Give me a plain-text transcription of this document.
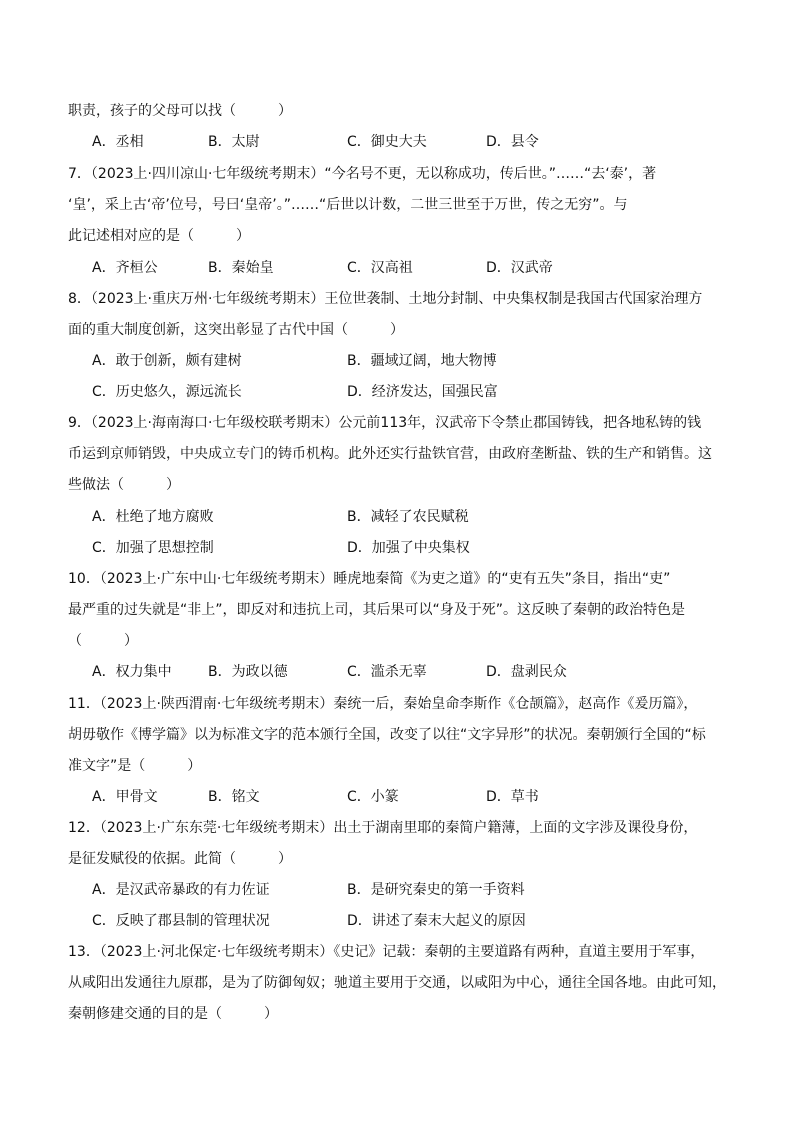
职责，孩子的父母可以找（　　　）
A．丞相	B．太尉	C．御史大夫	D．县令
7．（2023上·四川凉山·七年级统考期末）“今名号不更，无以称成功，传后世。”……“去‘泰’，著
‘皇’，采上古‘帝’位号，号曰‘皇帝’。”……“后世以计数，二世三世至于万世，传之无穷”。与
此记述相对应的是（　　　）
A．齐桓公	B．秦始皇	C．汉高祖	D．汉武帝
8．（2023上·重庆万州·七年级统考期末）王位世袭制、土地分封制、中央集权制是我国古代国家治理方
面的重大制度创新，这突出彰显了古代中国（　　　）
A．敢于创新，颇有建树	B．疆域辽阔，地大物博
C．历史悠久，源远流长	D．经济发达，国强民富
9．（2023上·海南海口·七年级校联考期末）公元前113年，汉武帝下令禁止郡国铸钱，把各地私铸的钱
币运到京师销毁，中央成立专门的铸币机构。此外还实行盐铁官营，由政府垄断盐、铁的生产和销售。这
些做法（　　　）
A．杜绝了地方腐败	B．减轻了农民赋税
C．加强了思想控制	D．加强了中央集权
10．（2023上·广东中山·七年级统考期末）睡虎地秦简《为吏之道》的“吏有五失”条目，指出“吏”
最严重的过失就是“非上”，即反对和违抗上司，其后果可以“身及于死”。这反映了秦朝的政治特色是
（　　　）
A．权力集中	B．为政以德	C．滥杀无辜	D．盘剥民众
11．（2023上·陕西渭南·七年级统考期末）秦统一后，秦始皇命李斯作《仓颉篇》，赵高作《爰历篇》，
胡毋敬作《博学篇》以为标准文字的范本颁行全国，改变了以往“文字异形”的状况。秦朝颁行全国的“标
准文字”是（　　　）
A．甲骨文	B．铭文	C．小篆	D．草书
12．（2023上·广东东莞·七年级统考期末）出土于湖南里耶的秦简户籍薄，上面的文字涉及课役身份，
是征发赋役的依据。此简（　　　）
A．是汉武帝暴政的有力佐证	B．是研究秦史的第一手资料
C．反映了郡县制的管理状况	D．讲述了秦末大起义的原因
13．（2023上·河北保定·七年级统考期末）《史记》记载：秦朝的主要道路有两种，直道主要用于军事，
从咸阳出发通往九原郡，是为了防御匈奴；驰道主要用于交通，以咸阳为中心，通往全国各地。由此可知，
秦朝修建交通的目的是（　　　）
